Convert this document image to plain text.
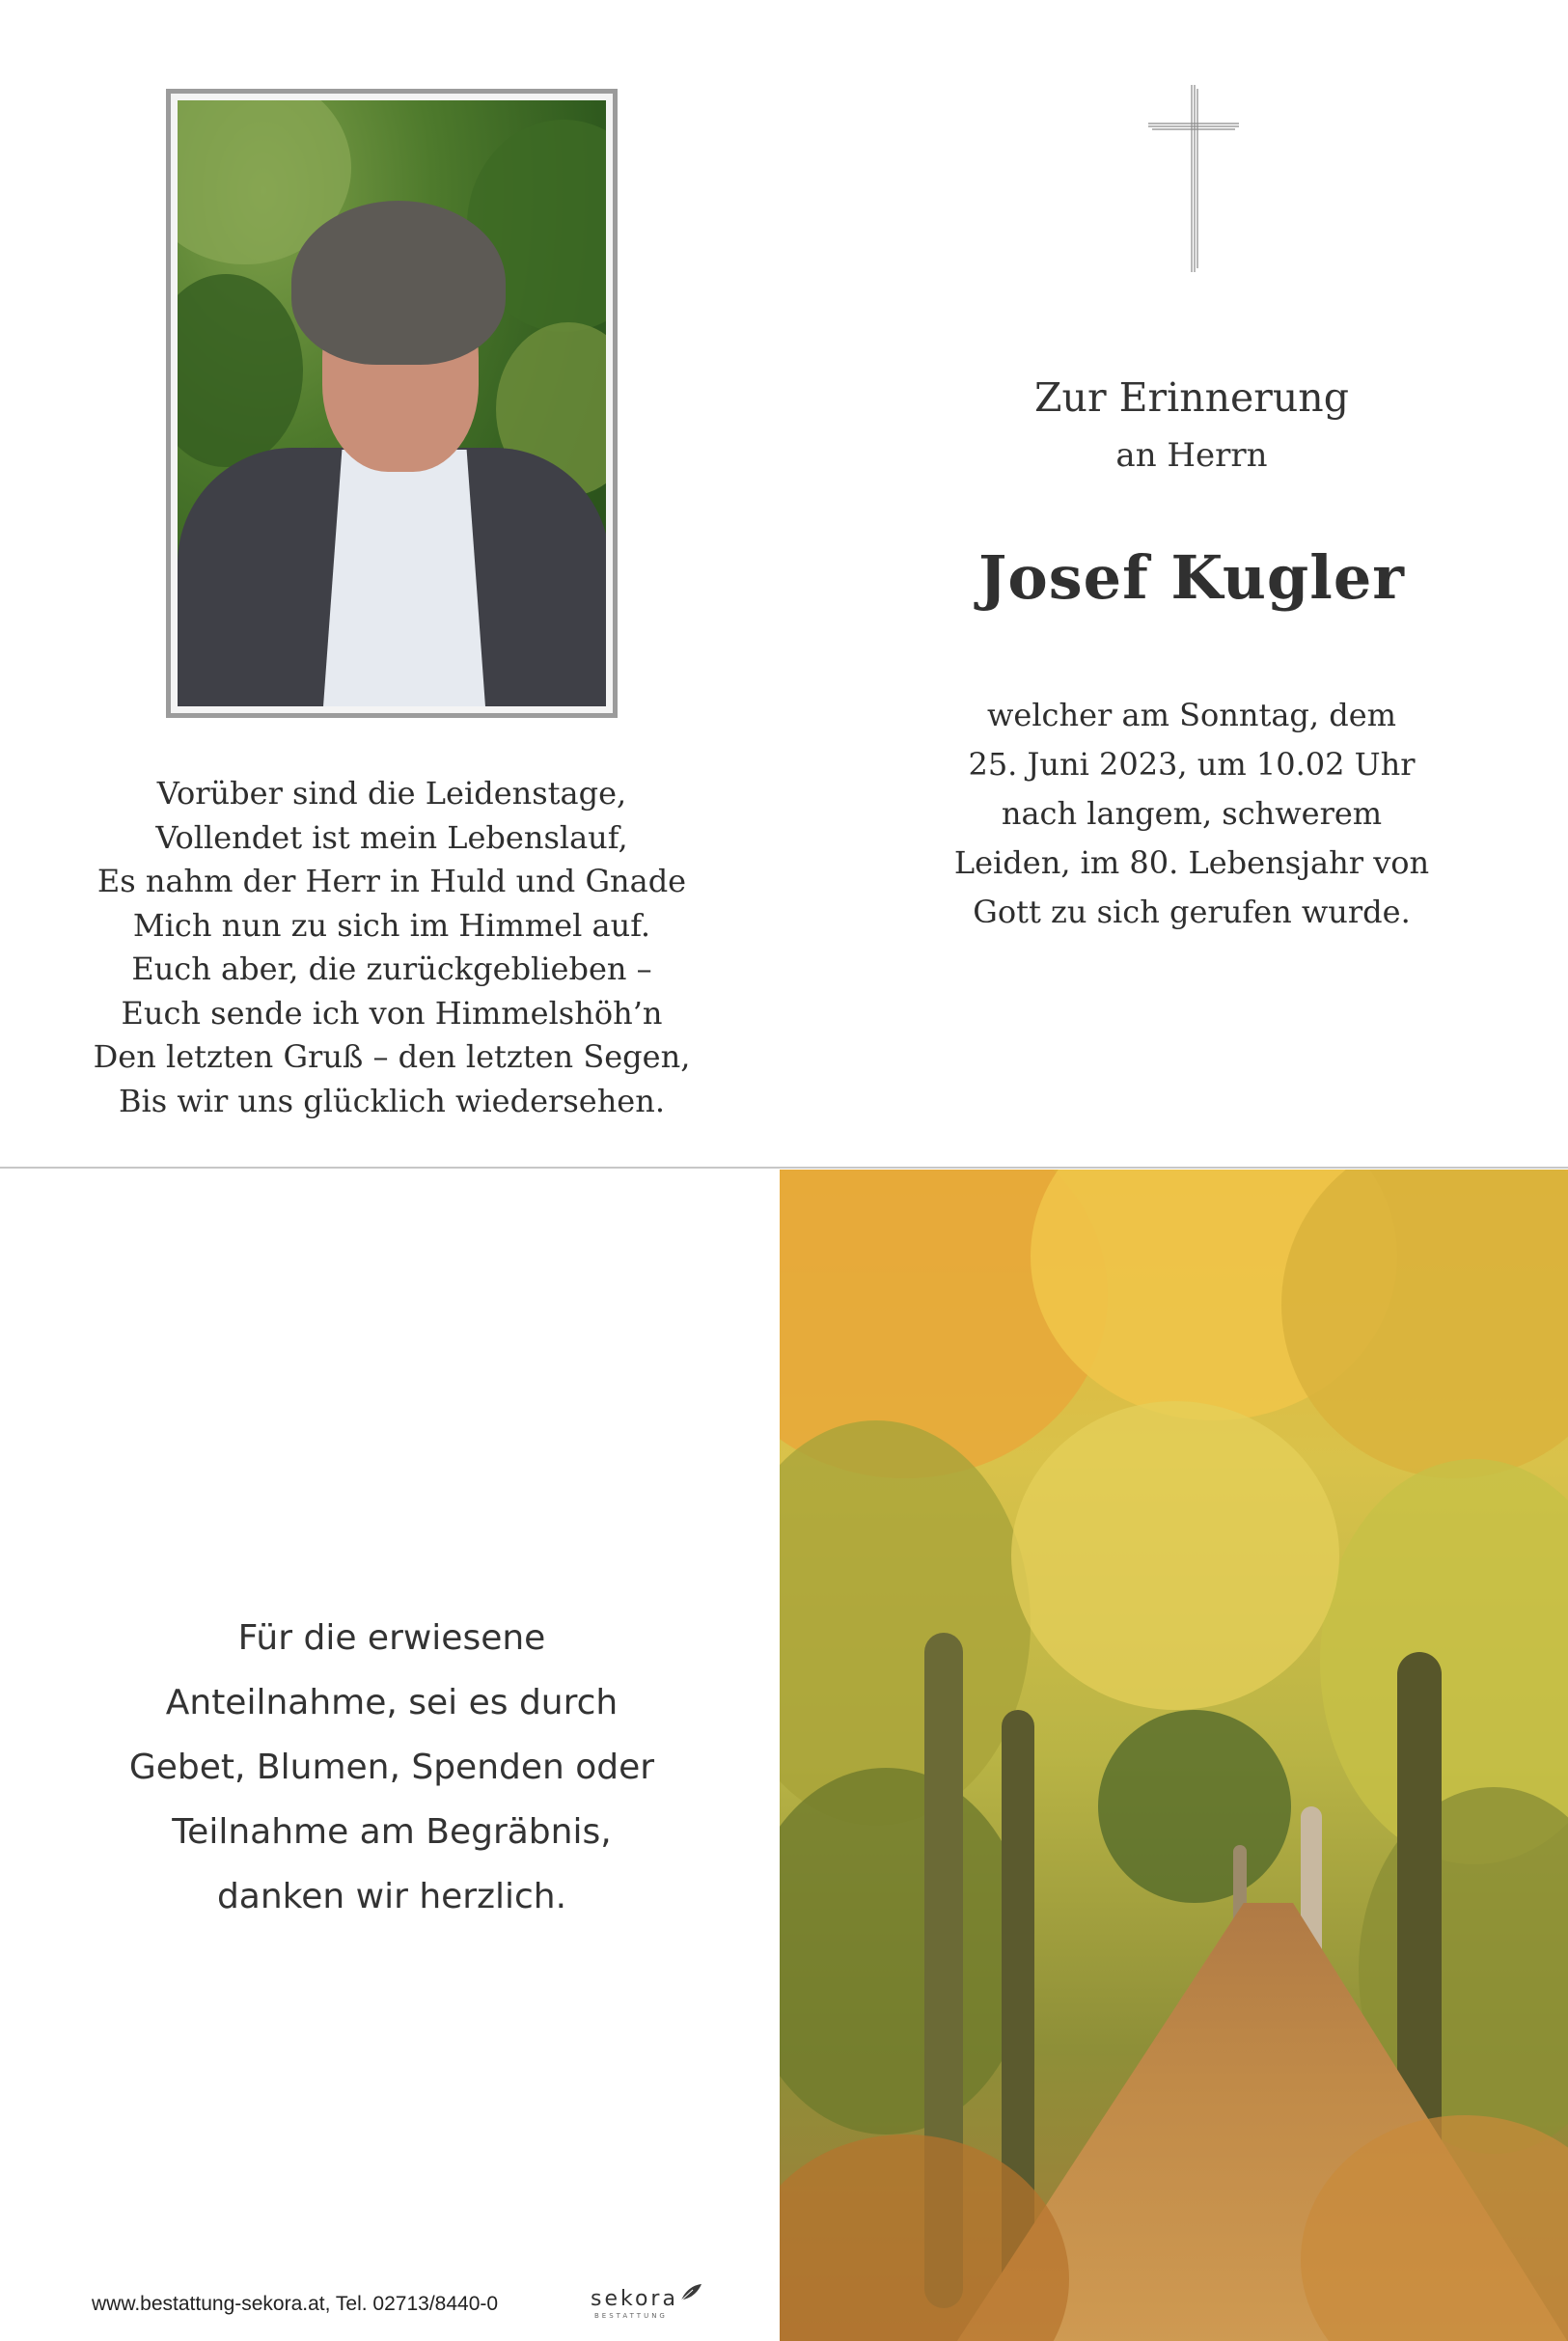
Vorüber sind die Leidenstage,
Vollendet ist mein Lebenslauf,
Es nahm der Herr in Huld und Gnade
Mich nun zu sich im Himmel auf.
Euch aber, die zurückgeblieben –
Euch sende ich von Himmelshöh’n
Den letzten Gruß – den letzten Segen,
Bis wir uns glücklich wiedersehen.
Zur Erinnerung
an Herrn
Josef Kugler
welcher am Sonntag, dem
25. Juni 2023, um 10.02 Uhr
nach langem, schwerem
Leiden, im 80. Lebensjahr von
Gott zu sich gerufen wurde.
Für die erwiesene
Anteilnahme, sei es durch
Gebet, Blumen, Spenden oder
Teilnahme am Begräbnis,
danken wir herzlich.
www.bestattung-sekora.at, Tel. 02713/8440-0	sekora
BESTATTUNG
